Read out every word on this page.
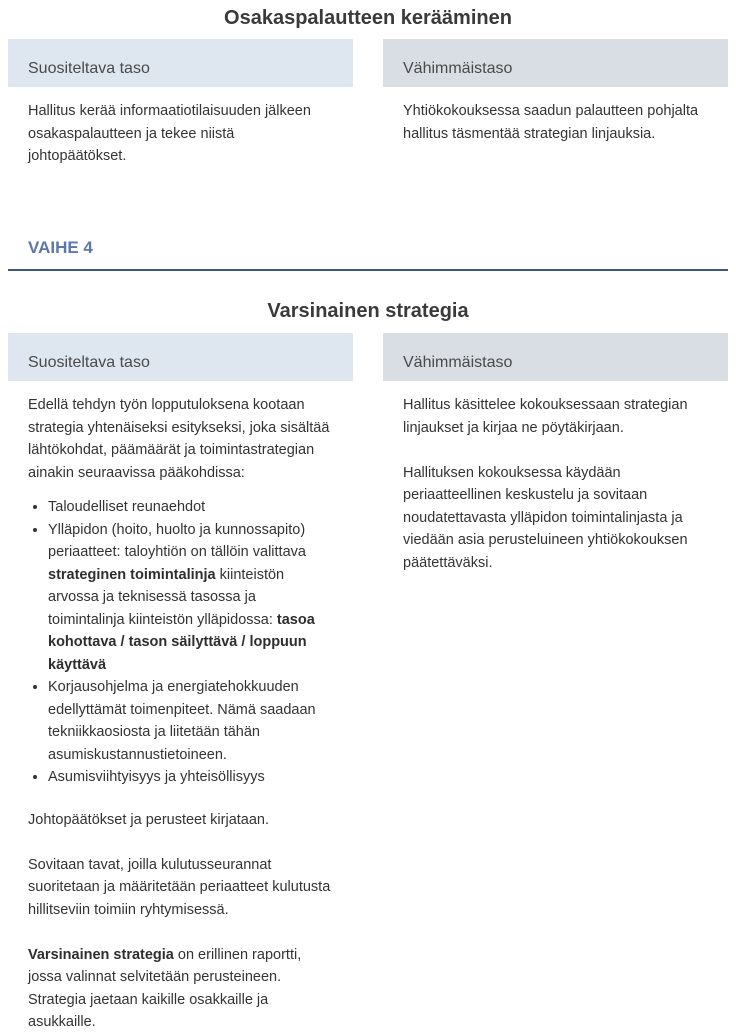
Osakaspalautteen kerääminen
Suositeltava taso

Hallitus kerää informaatiotilaisuuden jälkeen osakaspalautteen ja tekee niistä johtopäätökset.

Vähimmäistaso

Yhtiökokouksessa saadun palautteen pohjalta hallitus täsmentää strategian linjauksia.

VAIHE 4
Varsinainen strategia
Suositeltava taso

Edellä tehdyn työn lopputuloksena kootaan strategia yhtenäiseksi esitykseksi, joka sisältää lähtökohdat, päämäärät ja toimintastrategian ainakin seuraavissa pääkohdissa:

• Taloudelliset reunaehdot
• Ylläpidon (hoito, huolto ja kunnossapito) periaatteet: taloyhtiön on tällöin valittava strateginen toimintalinja kiinteistön arvossa ja teknisessä tasossa ja toimintalinja kiinteistön ylläpidossa: tasoa kohottava / tason säilyttävä / loppuun käyttävä
• Korjausohjelma ja energiatehokkuuden edellyttämät toimenpiteet. Nämä saadaan tekniikkaosiosta ja liitetään tähän asumiskustannustietoineen.
• Asumisviihtyisyys ja yhteisöllisyys

Johtopäätökset ja perusteet kirjataan.

Sovitaan tavat, joilla kulutusseurannat suoritetaan ja määritetään periaatteet kulutusta hillitseviin toimiin ryhtymisessä.

Varsinainen strategia on erillinen raportti, jossa valinnat selvitetään perusteineen. Strategia jaetaan kaikille osakkaille ja asukkaille.

Vähimmäistaso

Hallitus käsittelee kokouksessaan strategian linjaukset ja kirjaa ne pöytäkirjaan.

Hallituksen kokouksessa käydään periaatteellinen keskustelu ja sovitaan noudatettavasta ylläpidon toimintalinjasta ja viedään asia perusteluineen yhtiökokouksen päätettäväksi.
